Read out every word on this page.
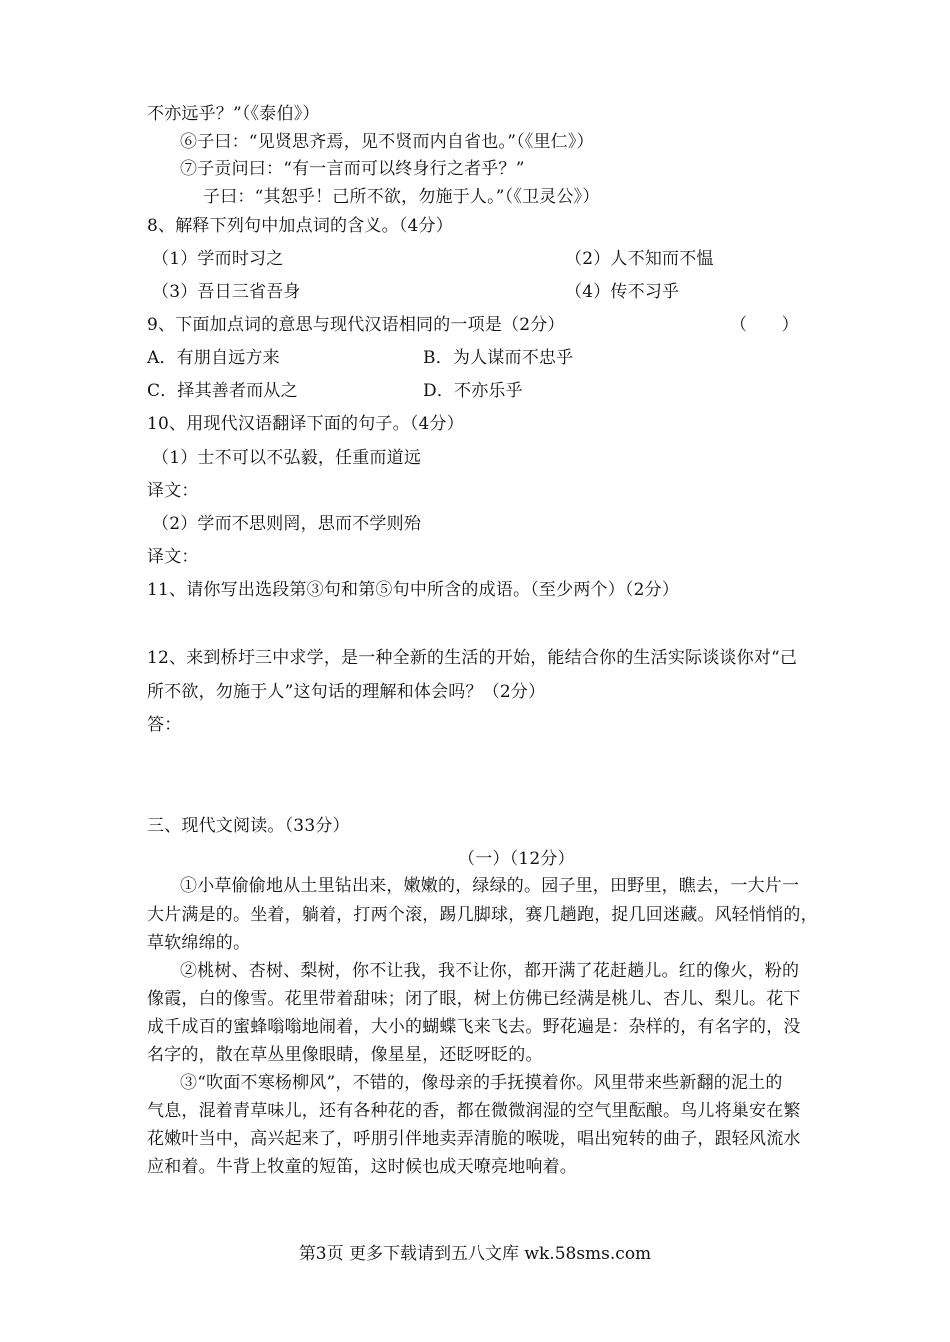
不亦远乎？”（《泰伯》）
⑥子曰：“见贤思齐焉，见不贤而内自省也。”（《里仁》）
⑦子贡问曰：“有一言而可以终身行之者乎？”
子曰：“其恕乎！己所不欲，勿施于人。”（《卫灵公》）
8、解释下列句中加点词的含义。（4分）
（1）学而时习之	（2）人不知而不愠
（3）吾日三省吾身	（4）传不习乎
9、下面加点词的意思与现代汉语相同的一项是（2分）	（　　）
A．有朋自远方来	B．为人谋而不忠乎
C．择其善者而从之	D．不亦乐乎
10、用现代汉语翻译下面的句子。（4分）
（1）士不可以不弘毅，任重而道远
译文：
（2）学而不思则罔，思而不学则殆
译文：
11、请你写出选段第③句和第⑤句中所含的成语。（至少两个）（2分）
12、来到桥圩三中求学，是一种全新的生活的开始，能结合你的生活实际谈谈你对“己
所不欲，勿施于人”这句话的理解和体会吗？（2分）
答：
三、现代文阅读。（33分）
（一）（12分）
①小草偷偷地从土里钻出来，嫩嫩的，绿绿的。园子里，田野里，瞧去，一大片一
大片满是的。坐着，躺着，打两个滚，踢几脚球，赛几趟跑，捉几回迷藏。风轻悄悄的，
草软绵绵的。
②桃树、杏树、梨树，你不让我，我不让你，都开满了花赶趟儿。红的像火，粉的
像霞，白的像雪。花里带着甜味；闭了眼，树上仿佛已经满是桃儿、杏儿、梨儿。花下
成千成百的蜜蜂嗡嗡地闹着，大小的蝴蝶飞来飞去。野花遍是：杂样的，有名字的，没
名字的，散在草丛里像眼睛，像星星，还眨呀眨的。
③“吹面不寒杨柳风”，不错的，像母亲的手抚摸着你。风里带来些新翻的泥土的
气息，混着青草味儿，还有各种花的香，都在微微润湿的空气里酝酿。鸟儿将巢安在繁
花嫩叶当中，高兴起来了，呼朋引伴地卖弄清脆的喉咙，唱出宛转的曲子，跟轻风流水
应和着。牛背上牧童的短笛，这时候也成天嘹亮地响着。
第3页 更多下载请到五八文库 wk.58sms.com
